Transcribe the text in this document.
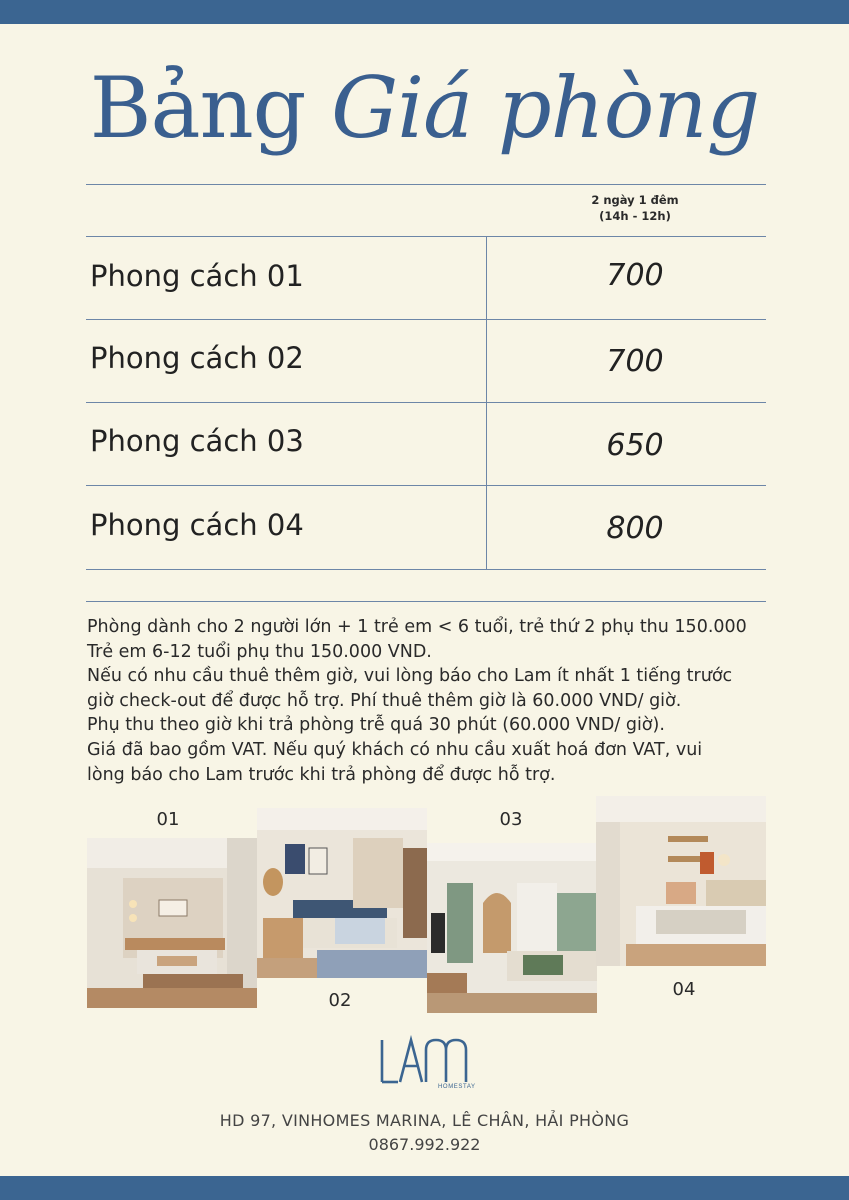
Bảng Giá phòng
2 ngày 1 đêm
(14h - 12h)
Phong cách 01	700
Phong cách 02	700
Phong cách 03	650
Phong cách 04	800
Phòng dành cho 2 người lớn + 1 trẻ em < 6 tuổi, trẻ thứ 2 phụ thu 150.000
Trẻ em 6-12 tuổi phụ thu 150.000 VND.
Nếu có nhu cầu thuê thêm giờ, vui lòng báo cho Lam ít nhất 1 tiếng trước
giờ check-out để được hỗ trợ. Phí thuê thêm giờ là 60.000 VND/ giờ.
Phụ thu theo giờ khi trả phòng trễ quá 30 phút (60.000 VND/ giờ).
Giá đã bao gồm VAT. Nếu quý khách có nhu cầu xuất hoá đơn VAT, vui
lòng báo cho Lam trước khi trả phòng để được hỗ trợ.
01
02
03
04
HOMESTAY
HD 97, VINHOMES MARINA, LÊ CHÂN, HẢI PHÒNG
0867.992.922
